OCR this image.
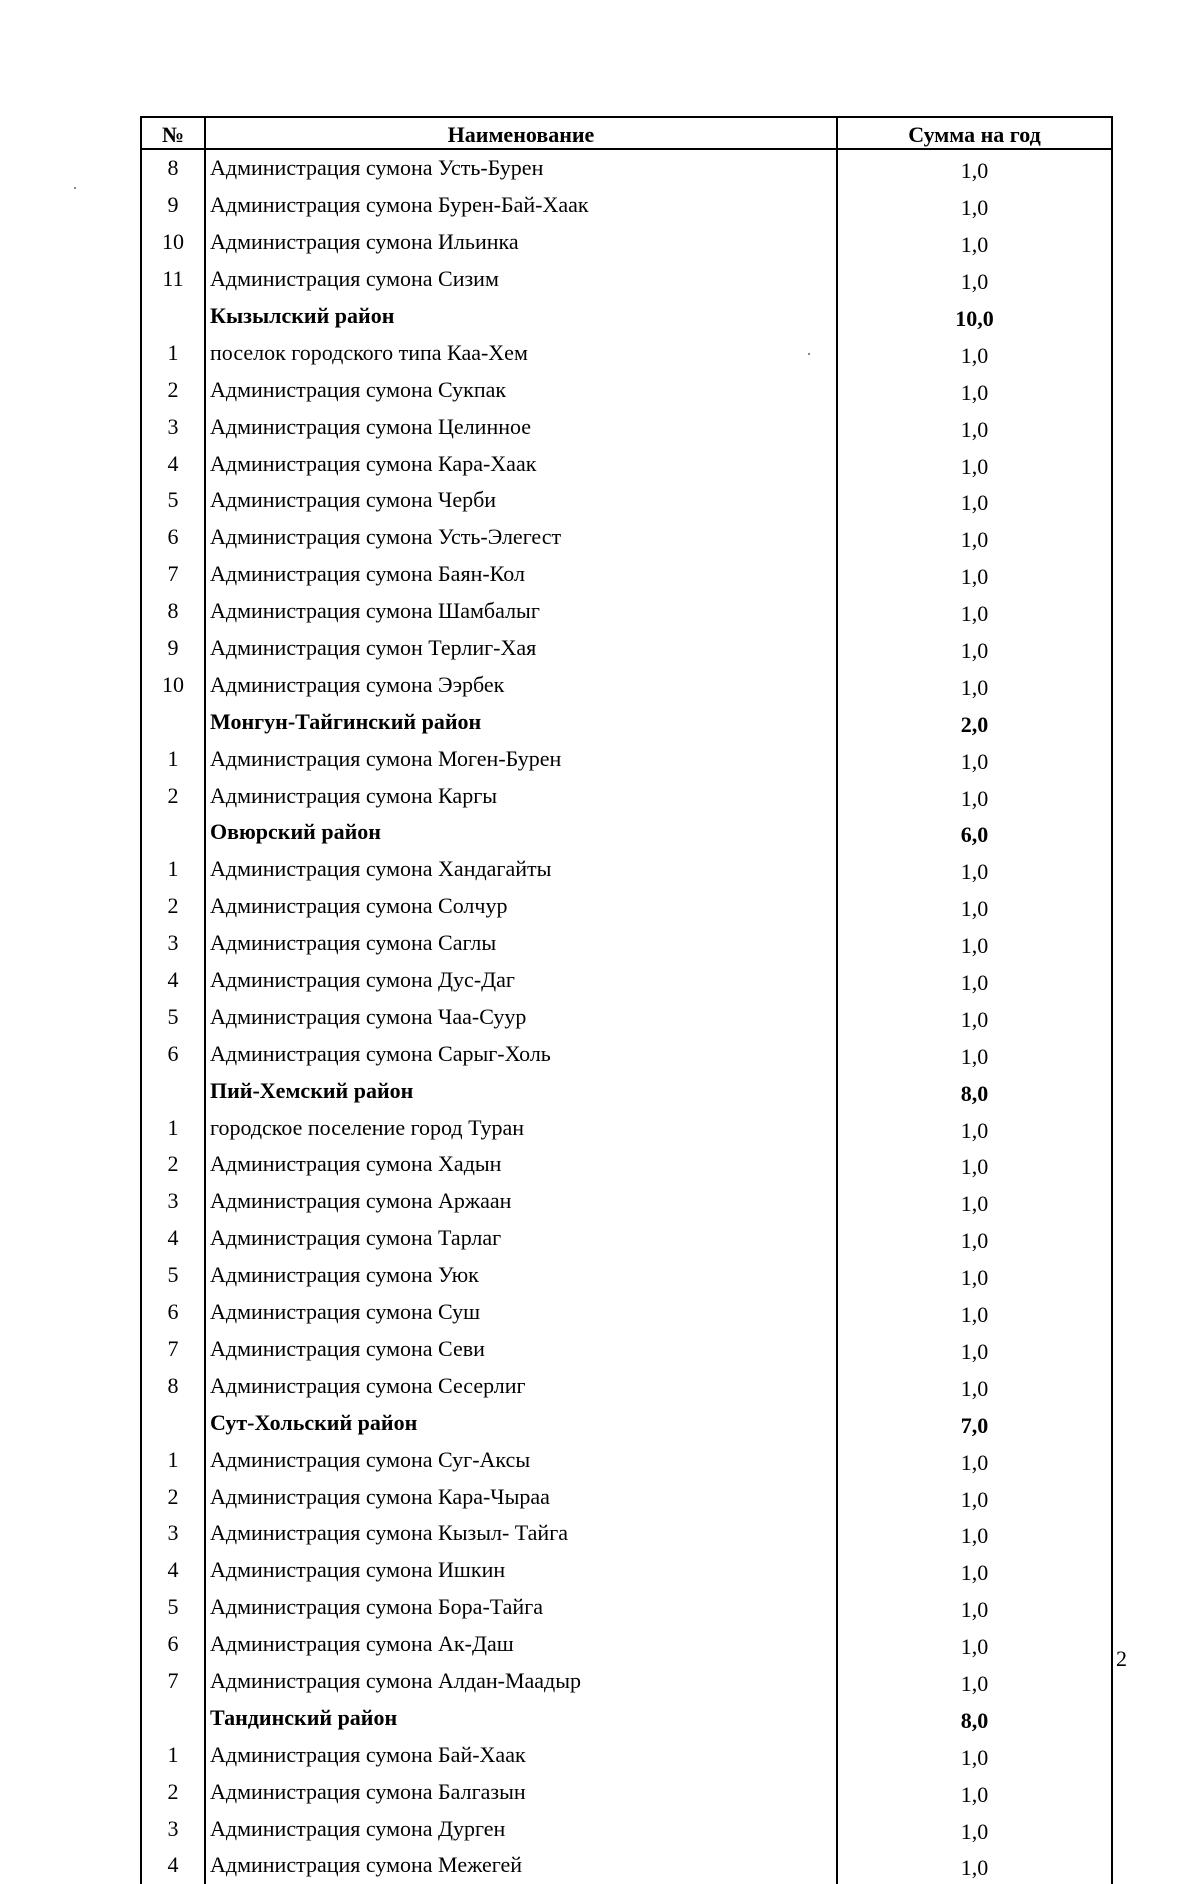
№	Наименование	Сумма на год
8	Администрация сумона Усть-Бурен	1,0
9	Администрация сумона Бурен-Бай-Хаак	1,0
10	Администрация сумона Ильинка	1,0
11	Администрация сумона Сизим	1,0
	Кызылский район	10,0
1	поселок городского типа Каа-Хем	1,0
2	Администрация сумона Сукпак	1,0
3	Администрация сумона Целинное	1,0
4	Администрация сумона Кара-Хаак	1,0
5	Администрация сумона Черби	1,0
6	Администрация сумона Усть-Элегест	1,0
7	Администрация сумона Баян-Кол	1,0
8	Администрация сумона Шамбалыг	1,0
9	Администрация сумон Терлиг-Хая	1,0
10	Администрация сумона Ээрбек	1,0
	Монгун-Тайгинский район	2,0
1	Администрация сумона Моген-Бурен	1,0
2	Администрация сумона Каргы	1,0
	Овюрский район	6,0
1	Администрация сумона Хандагайты	1,0
2	Администрация сумона Солчур	1,0
3	Администрация сумона Саглы	1,0
4	Администрация сумона Дус-Даг	1,0
5	Администрация сумона Чаа-Суур	1,0
6	Администрация сумона Сарыг-Холь	1,0
	Пий-Хемский район	8,0
1	городское поселение город Туран	1,0
2	Администрация сумона Хадын	1,0
3	Администрация сумона Аржаан	1,0
4	Администрация сумона Тарлаг	1,0
5	Администрация сумона Уюк	1,0
6	Администрация сумона Суш	1,0
7	Администрация сумона Севи	1,0
8	Администрация сумона Сесерлиг	1,0
	Сут-Хольский район	7,0
1	Администрация сумона Суг-Аксы	1,0
2	Администрация сумона Кара-Чыраа	1,0
3	Администрация сумона Кызыл- Тайга	1,0
4	Администрация сумона Ишкин	1,0
5	Администрация сумона Бора-Тайга	1,0
6	Администрация сумона Ак-Даш	1,0
7	Администрация сумона Алдан-Маадыр	1,0
	Тандинский район	8,0
1	Администрация сумона Бай-Хаак	1,0
2	Администрация сумона Балгазын	1,0
3	Администрация сумона Дурген	1,0
4	Администрация сумона Межегей	1,0
2
